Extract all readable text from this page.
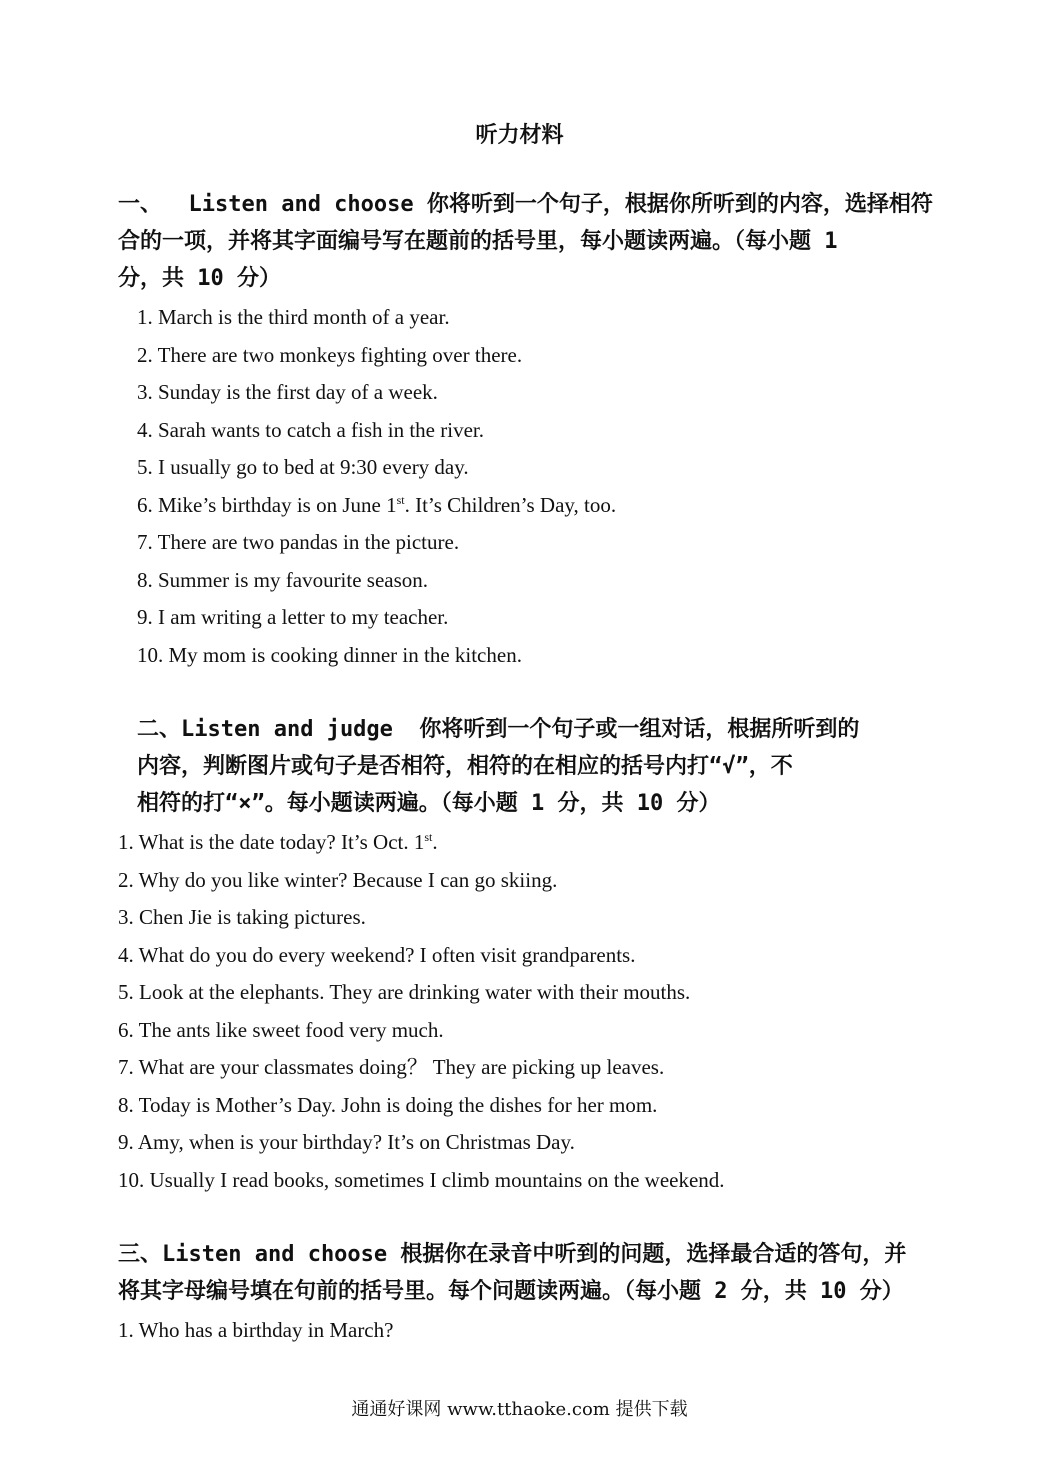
听力材料
一、  Listen and choose 你将听到一个句子，根据你所听到的内容，选择相符
合的一项，并将其字面编号写在题前的括号里，每小题读两遍。（每小题 1
分，共 10 分）
1. March is the third month of a year.
2. There are two monkeys fighting over there.
3. Sunday is the first day of a week.
4. Sarah wants to catch a fish in the river.
5. I usually go to bed at 9:30 every day.
6. Mike’s birthday is on June 1st. It’s Children’s Day, too.
7. There are two pandas in the picture.
8. Summer is my favourite season.
9. I am writing a letter to my teacher.
10. My mom is cooking dinner in the kitchen.
二、Listen and judge  你将听到一个句子或一组对话，根据所听到的
内容，判断图片或句子是否相符，相符的在相应的括号内打“√”，不
相符的打“×”。每小题读两遍。（每小题 1 分，共 10 分）
1. What is the date today? It’s Oct. 1st.
2. Why do you like winter? Because I can go skiing.
3. Chen Jie is taking pictures.
4. What do you do every weekend? I often visit grandparents.
5. Look at the elephants. They are drinking water with their mouths.
6. The ants like sweet food very much.
7. What are your classmates doing？ They are picking up leaves.
8. Today is Mother’s Day. John is doing the dishes for her mom.
9. Amy, when is your birthday? It’s on Christmas Day.
10. Usually I read books, sometimes I climb mountains on the weekend.
三、Listen and choose 根据你在录音中听到的问题，选择最合适的答句，并
将其字母编号填在句前的括号里。每个问题读两遍。（每小题 2 分，共 10 分）
1. Who has a birthday in March?
通通好课网 www.tthaoke.com 提供下载
